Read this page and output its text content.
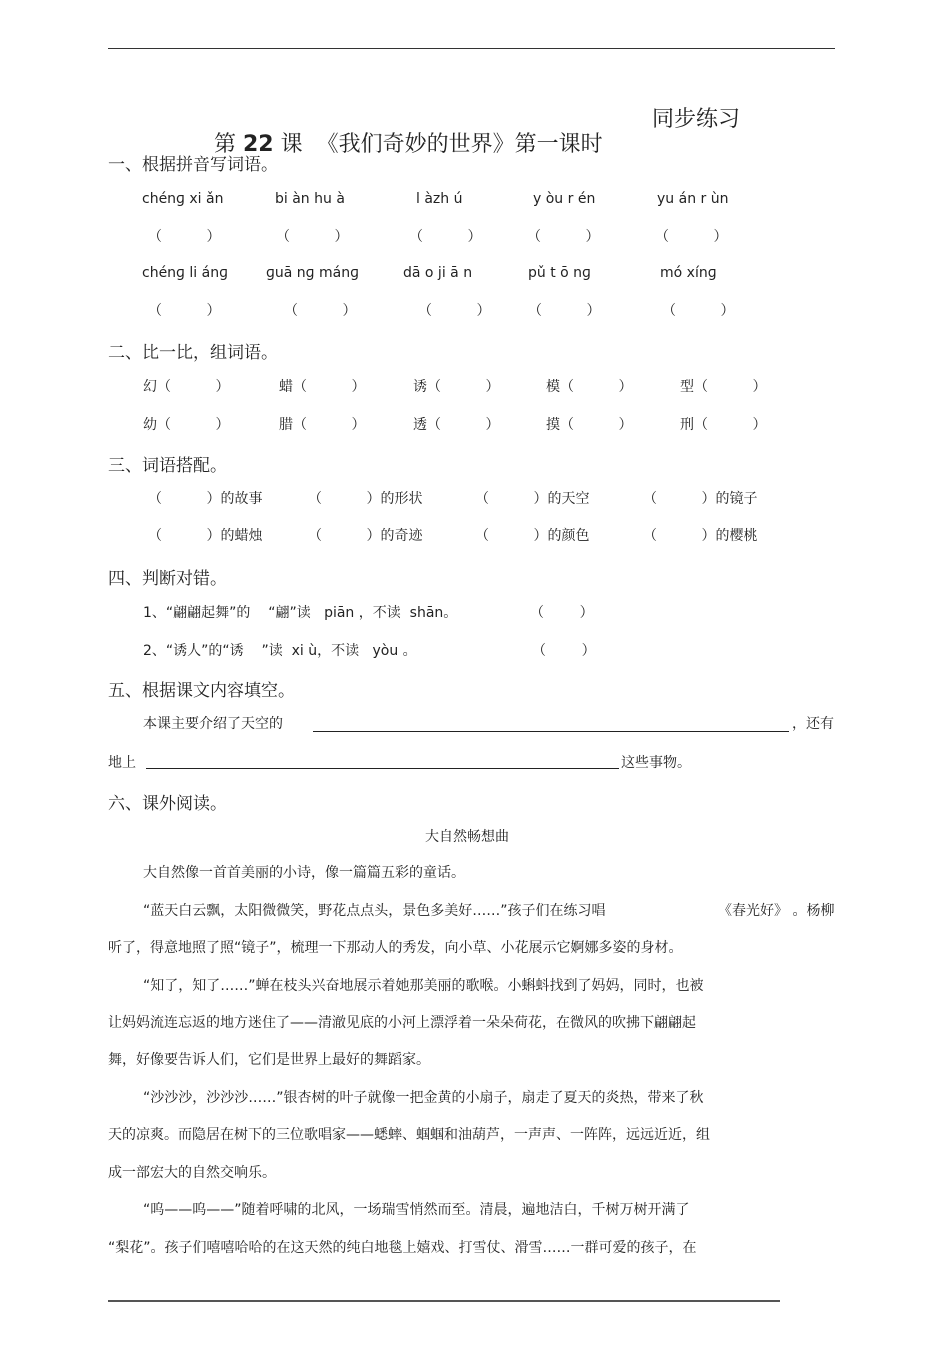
第 22 课  《我们奇妙的世界》第一课时

同步练习
一、根据拼音写词语。
chénɡ xi ǎn	bi àn hu à	l àzh ú	y òu r én	yu án r ùn
（          ）	（          ）	（          ）	（          ）	（          ）
chénɡ li ánɡ	ɡuā nɡ mánɡ	dā o ji ā n	pǔ t ō nɡ	mó xínɡ
（          ）	（          ）	（          ）	（          ）	（          ）
二、比一比，组词语。
幻（          ）	蜡（          ）	诱（          ）	模（          ）	型（          ）
幼（          ）	腊（          ）	透（          ）	摸（          ）	刑（          ）
三、词语搭配。
（          ）的故事	（          ）的形状	（          ）的天空	（          ）的镜子
（          ）的蜡烛	（          ）的奇迹	（          ）的颜色	（          ）的樱桃
四、判断对错。
1、“翩翩起舞”的    “翩”读   piān ，不读  shān。	（        ）
2、“诱人”的“诱    ”读  xi ù，不读   yòu 。	（        ）
五、根据课文内容填空。
本课主要介绍了天空的	，还有
地上	这些事物。
六、课外阅读。
大自然畅想曲
大自然像一首首美丽的小诗，像一篇篇五彩的童话。
“蓝天白云飘，太阳微微笑，野花点点头，景色多美好……”孩子们在练习唱	《春光好》 。杨柳
听了，得意地照了照“镜子”，梳理一下那动人的秀发，向小草、小花展示它婀娜多姿的身材。
“知了，知了……”蝉在枝头兴奋地展示着她那美丽的歌喉。小蝌蚪找到了妈妈，同时，也被
让妈妈流连忘返的地方迷住了——清澈见底的小河上漂浮着一朵朵荷花，在微风的吹拂下翩翩起
舞，好像要告诉人们，它们是世界上最好的舞蹈家。
“沙沙沙，沙沙沙……”银杏树的叶子就像一把金黄的小扇子，扇走了夏天的炎热，带来了秋
天的凉爽。而隐居在树下的三位歌唱家——蟋蟀、蝈蝈和油葫芦，一声声、一阵阵，远远近近，组
成一部宏大的自然交响乐。
“呜——呜——”随着呼啸的北风，一场瑞雪悄然而至。清晨，遍地洁白，千树万树开满了
“梨花”。孩子们嘻嘻哈哈的在这天然的纯白地毯上嬉戏、打雪仗、滑雪……一群可爱的孩子，在
